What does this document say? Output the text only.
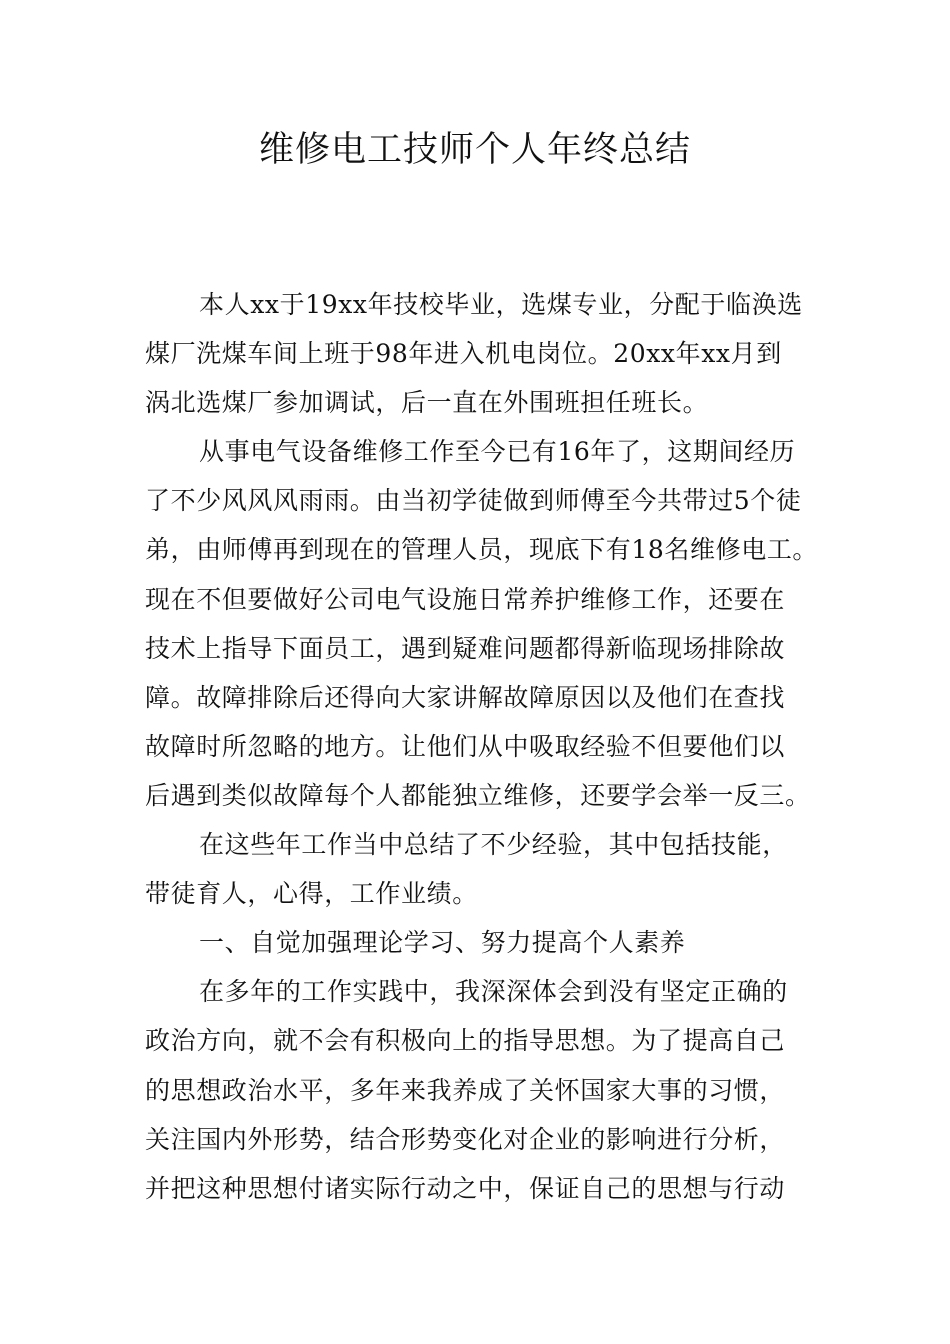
维修电工技师个人年终总结
本人xx于19xx年技校毕业，选煤专业，分配于临涣选
煤厂洗煤车间上班于98年进入机电岗位。20xx年xx月到
涡北选煤厂参加调试，后一直在外围班担任班长。
从事电气设备维修工作至今已有16年了，这期间经历
了不少风风风雨雨。由当初学徒做到师傅至今共带过5个徒
弟，由师傅再到现在的管理人员，现底下有18名维修电工。
现在不但要做好公司电气设施日常养护维修工作，还要在
技术上指导下面员工，遇到疑难问题都得新临现场排除故
障。故障排除后还得向大家讲解故障原因以及他们在查找
故障时所忽略的地方。让他们从中吸取经验不但要他们以
后遇到类似故障每个人都能独立维修，还要学会举一反三。
在这些年工作当中总结了不少经验，其中包括技能，
带徒育人，心得，工作业绩。
一、自觉加强理论学习、努力提高个人素养
在多年的工作实践中，我深深体会到没有坚定正确的
政治方向，就不会有积极向上的指导思想。为了提高自己
的思想政治水平，多年来我养成了关怀国家大事的习惯，
关注国内外形势，结合形势变化对企业的影响进行分析，
并把这种思想付诸实际行动之中，保证自己的思想与行动
